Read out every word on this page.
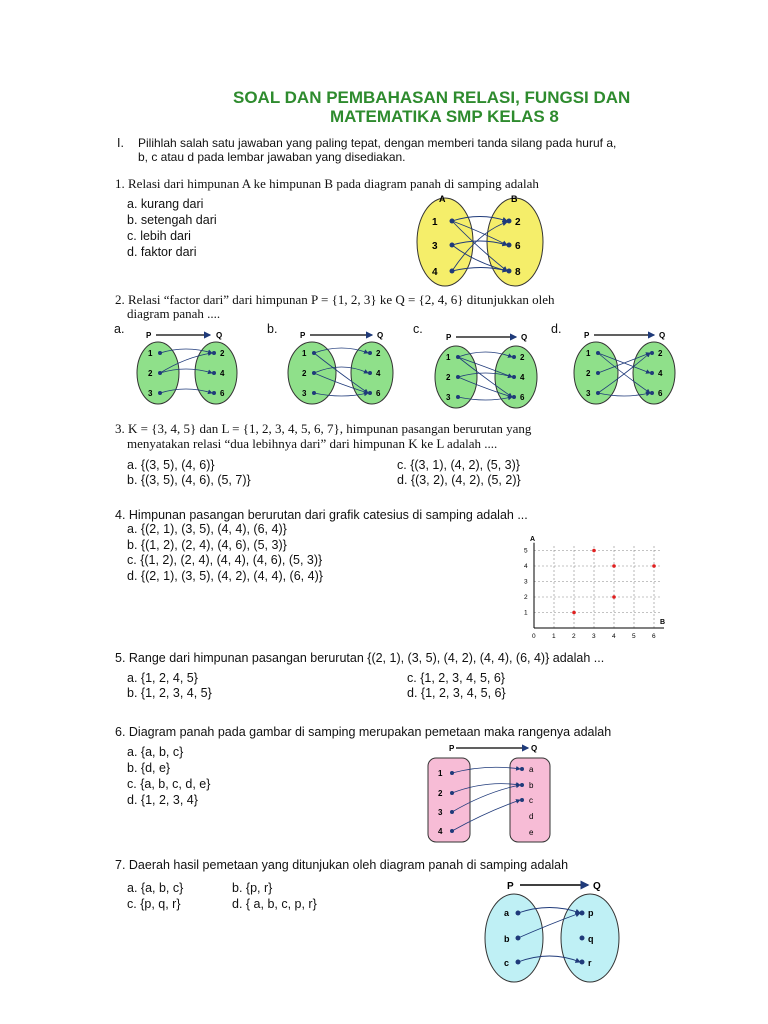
SOAL DAN PEMBAHASAN RELASI, FUNGSI DAN
MATEMATIKA SMP KELAS 8
I. Pilihlah salah satu jawaban yang paling tepat, dengan memberi tanda silang pada huruf a,
b, c atau d pada lembar jawaban yang disediakan.
1. Relasi dari himpunan A ke himpunan B pada diagram panah di samping adalah
a. kurang dari
b. setengah dari
c. lebih dari
d. faktor dari
A	B
1
3
4
2
6
8
2. Relasi “factor dari” dari himpunan P = {1, 2, 3} ke Q = {2, 4, 6} ditunjukkan oleh
diagram panah ....
a.	b.	c.	d.
P	Q
1
2
3
2
4
6
P	Q
1
2
3
2
4
6
P	Q
1
2
3
2
4
6
P	Q
1
2
3
2
4
6
3. K = {3, 4, 5} dan L = {1, 2, 3, 4, 5, 6, 7}, himpunan pasangan berurutan yang
menyatakan relasi “dua lebihnya dari” dari himpunan K ke L adalah ....
a. {(3, 5), (4, 6)}
b. {(3, 5), (4, 6), (5, 7)}
c. {(3, 1), (4, 2), (5, 3)}
d. {(3, 2), (4, 2), (5, 2)}
4. Himpunan pasangan berurutan dari grafik catesius di samping adalah ...
a. {(2, 1), (3, 5), (4, 4), (6, 4)}
b. {(1, 2), (2, 4), (4, 6), (5, 3)}
c. {(1, 2), (2, 4), (4, 4), (4, 6), (5, 3)}
d. {(2, 1), (3, 5), (4, 2), (4, 4), (6, 4)}
A
B
0	1	2	3	4	5	6
1
2
3
4
5
5. Range dari himpunan pasangan berurutan {(2, 1), (3, 5), (4, 2), (4, 4), (6, 4)} adalah ...
a. {1, 2, 4, 5}
b. {1, 2, 3, 4, 5}
c. {1, 2, 3, 4, 5, 6}
d. {1, 2, 3, 4, 5, 6}
6. Diagram panah pada gambar di samping merupakan pemetaan maka rangenya adalah
a. {a, b, c}
b. {d, e}
c. {a, b, c, d, e}
d. {1, 2, 3, 4}
P	Q
1
2
3
4
a
b
c
d
e
7. Daerah hasil pemetaan yang ditunjukan oleh diagram panah di samping adalah
a. {a, b, c}	b. {p, r}
c. {p, q, r}	d. { a, b, c, p, r}
P	Q
a
b
c
p
q
r
